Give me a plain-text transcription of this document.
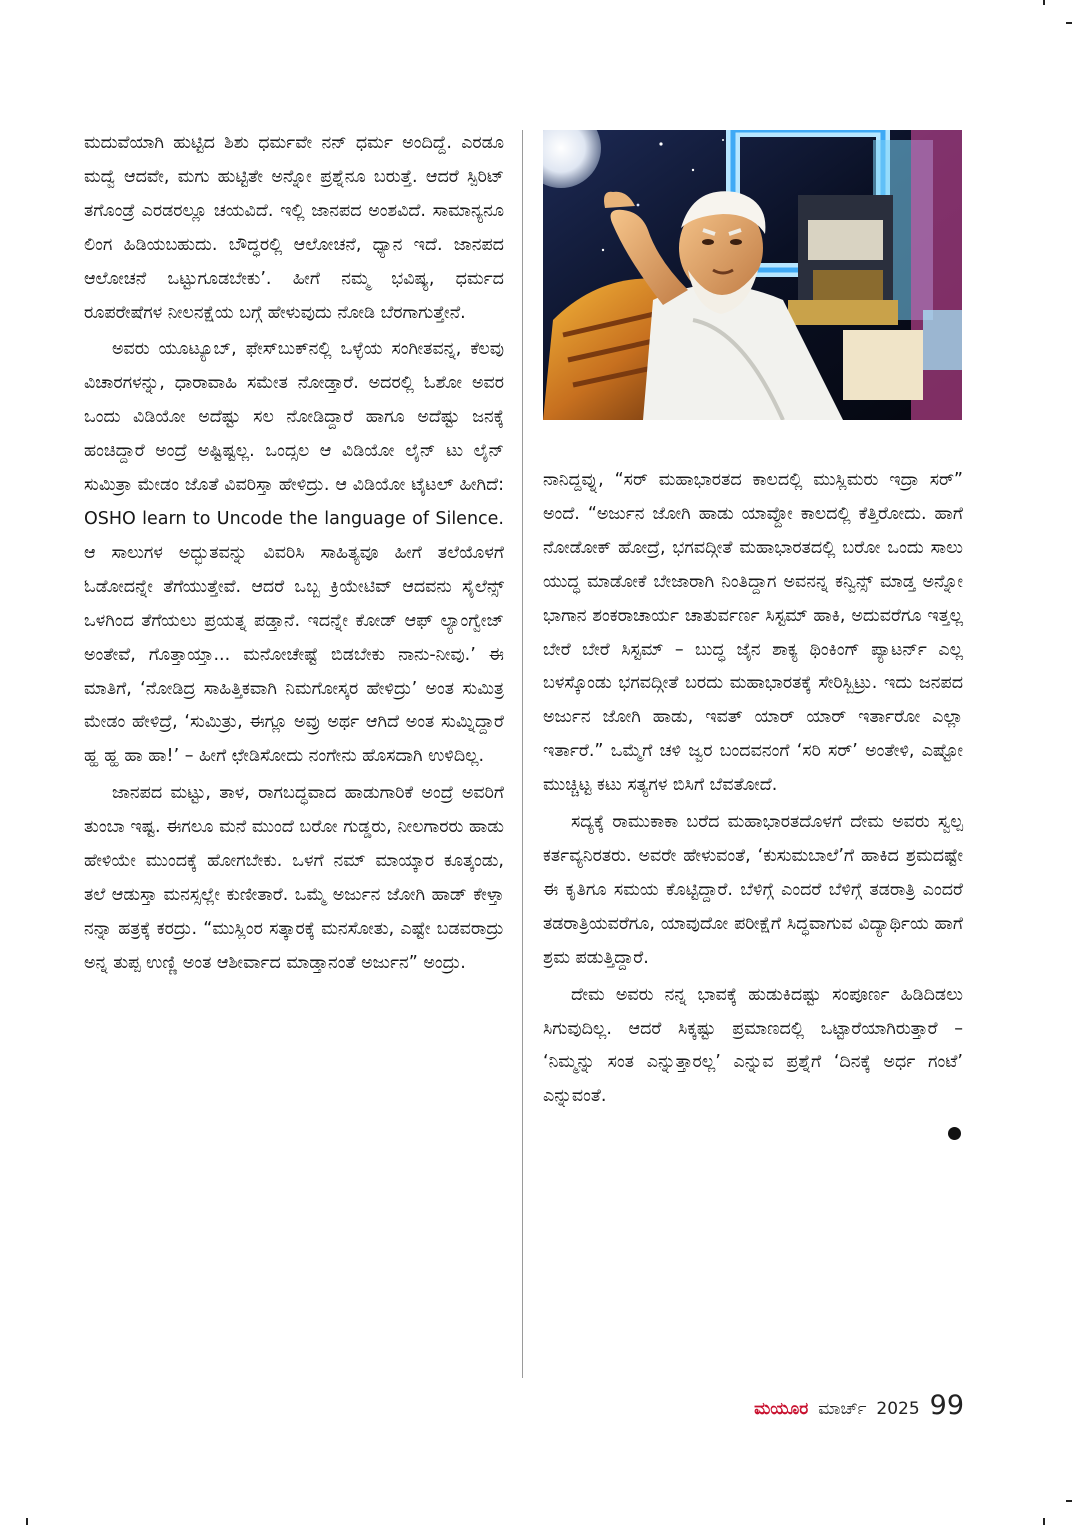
ಮದುವೆಯಾಗಿ ಹುಟ್ಟಿದ ಶಿಶು ಧರ್ಮವೇ ನನ್ ಧರ್ಮ ಅಂದಿದ್ದೆ. ಎರಡೂ ಮದ್ವೆ ಆದವೇ, ಮಗು ಹುಟ್ಟಿತೇ ಅನ್ನೋ ಪ್ರಶ್ನೆನೂ ಬರುತ್ತೆ. ಆದರೆ ಸ್ಪಿರಿಟ್ ತಗೊಂಡ್ರೆ ಎರಡರಲ್ಲೂ ಚಯವಿದೆ. ಇಲ್ಲಿ ಜಾನಪದ ಅಂಶವಿದೆ. ಸಾಮಾನ್ಯನೂ ಲಿಂಗ ಹಿಡಿಯಬಹುದು. ಬೌದ್ಧರಲ್ಲಿ ಆಲೋಚನೆ, ಧ್ಯಾನ ಇದೆ. ಜಾನಪದ ಆಲೋಚನೆ ಒಟ್ಟುಗೂಡಬೇಕು’. ಹೀಗೆ ನಮ್ಮ ಭವಿಷ್ಯ, ಧರ್ಮದ ರೂಪರೇಷೆಗಳ ನೀಲನಕ್ಷೆಯ ಬಗ್ಗೆ ಹೇಳುವುದು ನೋಡಿ ಬೆರಗಾಗುತ್ತೇನೆ.

ಅವರು ಯೂಟ್ಯೂಬ್, ಫೇಸ್‌ಬುಕ್‌ನಲ್ಲಿ ಒಳ್ಳೆಯ ಸಂಗೀತವನ್ನ, ಕೆಲವು ವಿಚಾರಗಳನ್ನು, ಧಾರಾವಾಹಿ ಸಮೇತ ನೋಡ್ತಾರೆ. ಅದರಲ್ಲಿ ಓಶೋ ಅವರ ಒಂದು ವಿಡಿಯೋ ಅದೆಷ್ಟು ಸಲ ನೋಡಿದ್ದಾರೆ ಹಾಗೂ ಅದೆಷ್ಟು ಜನಕ್ಕೆ ಹಂಚಿದ್ದಾರೆ ಅಂದ್ರೆ ಅಷ್ಟಿಷ್ಟಲ್ಲ. ಒಂದ್ಸಲ ಆ ವಿಡಿಯೋ ಲೈನ್ ಟು ಲೈನ್ ಸುಮಿತ್ರಾ ಮೇಡಂ ಜೊತೆ ವಿವರಿಸ್ತಾ ಹೇಳಿದ್ರು. ಆ ವಿಡಿಯೋ ಟೈಟಲ್ ಹೀಗಿದೆ: OSHO learn to Uncode the language of Silence. ಆ ಸಾಲುಗಳ ಅದ್ಭುತವನ್ನು ವಿವರಿಸಿ ಸಾಹಿತ್ಯವೂ ಹೀಗೆ ತಲೆಯೊಳಗೆ ಓಡೋದನ್ನೇ ತೆಗೆಯುತ್ತೇವೆ. ಆದರೆ ಒಬ್ಬ ಕ್ರಿಯೇಟಿವ್ ಆದವನು ಸೈಲೆನ್ಸ್ ಒಳಗಿಂದ ತೆಗೆಯಲು ಪ್ರಯತ್ನ ಪಡ್ತಾನೆ. ಇದನ್ನೇ ಕೋಡ್ ಆಫ್ ಲ್ಯಾಂಗ್ವೇಜ್ ಅಂತೇವೆ, ಗೊತ್ತಾಯ್ತಾ... ಮನೋಚೇಷ್ಟೆ ಬಿಡಬೇಕು ನಾನು-ನೀವು.’ ಈ ಮಾತಿಗೆ, ‘ನೋಡಿದ್ರ ಸಾಹಿತ್ತಿಕವಾಗಿ ನಿಮಗೋಸ್ಕರ ಹೇಳಿದ್ರು’ ಅಂತ ಸುಮಿತ್ರ ಮೇಡಂ ಹೇಳಿದ್ರೆ, ‘ಸುಮಿತ್ರು, ಈಗ್ಲೂ ಅವ್ರು ಅರ್ಥ ಆಗಿದೆ ಅಂತ ಸುಮ್ನಿದ್ದಾರೆ ಹ್ಹ ಹ್ಹ ಹಾ ಹಾ!’ – ಹೀಗೆ ಛೇಡಿಸೋದು ನಂಗೇನು ಹೊಸದಾಗಿ ಉಳಿದಿಲ್ಲ.

ಜಾನಪದ ಮಟ್ಟು, ತಾಳ, ರಾಗಬದ್ಧವಾದ ಹಾಡುಗಾರಿಕೆ ಅಂದ್ರೆ ಅವರಿಗೆ ತುಂಬಾ ಇಷ್ಟ. ಈಗಲೂ ಮನೆ ಮುಂದೆ ಬರೋ ಗುಡ್ಡರು, ನೀಲಗಾರರು ಹಾಡು ಹೇಳಿಯೇ ಮುಂದಕ್ಕೆ ಹೋಗಬೇಕು. ಒಳಗೆ ನಮ್ ಮಾಯ್ಕಾರ ಕೂತ್ಕಂಡು, ತಲೆ ಆಡುಸ್ತಾ ಮನಸ್ಸಲ್ಲೇ ಕುಣೀತಾರೆ. ಒಮ್ಮೆ ಅರ್ಜುನ ಜೋಗಿ ಹಾಡ್ ಕೇಳ್ತಾ ನನ್ನಾ ಹತ್ರಕ್ಕೆ ಕರದ್ರು. “ಮುಸ್ಲಿಂರ ಸತ್ಕಾರಕ್ಕೆ ಮನಸೋತು, ಎಷ್ಟೇ ಬಡವರಾದ್ರು ಅನ್ನ ತುಪ್ಪ ಉಣ್ಣಿ ಅಂತ ಆಶೀರ್ವಾದ ಮಾಡ್ತಾನಂತೆ ಅರ್ಜುನ” ಅಂದ್ರು.

ನಾನಿದ್ದವ್ನು, “ಸರ್ ಮಹಾಭಾರತದ ಕಾಲದಲ್ಲಿ ಮುಸ್ಲಿಮರು ಇದ್ರಾ ಸರ್” ಅಂದೆ. “ಅರ್ಜುನ ಜೋಗಿ ಹಾಡು ಯಾವ್ದೋ ಕಾಲದಲ್ಲಿ ಕೆತ್ತಿರೋದು. ಹಾಗೆ ನೋಡೋಕ್ ಹೋದ್ರೆ, ಭಗವದ್ಗೀತೆ ಮಹಾಭಾರತದಲ್ಲಿ ಬರೋ ಒಂದು ಸಾಲು ಯುದ್ಧ ಮಾಡೋಕೆ ಬೇಜಾರಾಗಿ ನಿಂತಿದ್ದಾಗ ಅವನನ್ನ ಕನ್ವಿನ್ಸ್ ಮಾಡ್ತ ಅನ್ನೋ ಭಾಗಾನ ಶಂಕರಾಚಾರ್ಯ ಚಾತುರ್ವರ್ಣ ಸಿಸ್ಟಮ್ ಹಾಕಿ, ಅದುವರೆಗೂ ಇತ್ತಲ್ಲ ಬೇರೆ ಬೇರೆ ಸಿಸ್ಟಮ್ – ಬುದ್ಧ ಜೈನ ಶಾಕ್ಯ ಥಿಂಕಿಂಗ್ ಪ್ಯಾಟರ್ನ್ ಎಲ್ಲ ಬಳಸ್ಕೊಂಡು ಭಗವದ್ಗೀತೆ ಬರದು ಮಹಾಭಾರತಕ್ಕೆ ಸೇರಿಸ್ಬಿಟ್ರು. ಇದು ಜನಪದ ಅರ್ಜುನ ಜೋಗಿ ಹಾಡು, ಇವತ್ ಯಾರ್ ಯಾರ್ ಇರ್ತಾರೋ ಎಲ್ಲಾ ಇರ್ತಾರೆ.” ಒಮ್ಮೆಗೆ ಚಳಿ ಜ್ವರ ಬಂದವನಂಗೆ ‘ಸರಿ ಸರ್’ ಅಂತೇಳಿ, ಎಷ್ಟೋ ಮುಚ್ಚಿಟ್ಟ ಕಟು ಸತ್ಯಗಳ ಬಿಸಿಗೆ ಬೆವತೋದೆ.

ಸದ್ಯಕ್ಕೆ ರಾಮುಕಾಕಾ ಬರೆದ ಮಹಾಭಾರತದೊಳಗೆ ದೇಮ ಅವರು ಸ್ವಲ್ಪ ಕರ್ತವ್ಯನಿರತರು. ಅವರೇ ಹೇಳುವಂತೆ, ‘ಕುಸುಮಬಾಲೆ’ಗೆ ಹಾಕಿದ ಶ್ರಮದಷ್ಟೇ ಈ ಕೃತಿಗೂ ಸಮಯ ಕೊಟ್ಟಿದ್ದಾರೆ. ಬೆಳಿಗ್ಗೆ ಎಂದರೆ ಬೆಳಿಗ್ಗೆ ತಡರಾತ್ರಿ ಎಂದರೆ ತಡರಾತ್ರಿಯವರೆಗೂ, ಯಾವುದೋ ಪರೀಕ್ಷೆಗೆ ಸಿದ್ಧವಾಗುವ ವಿದ್ಯಾರ್ಥಿಯ ಹಾಗೆ ಶ್ರಮ ಪಡುತ್ತಿದ್ದಾರೆ.

ದೇಮ ಅವರು ನನ್ನ ಭಾವಕ್ಕೆ ಹುಡುಕಿದಷ್ಟು ಸಂಪೂರ್ಣ ಹಿಡಿದಿಡಲು ಸಿಗುವುದಿಲ್ಲ. ಆದರೆ ಸಿಕ್ಕಷ್ಟು ಪ್ರಮಾಣದಲ್ಲಿ ಒಟ್ಟಾರೆಯಾಗಿರುತ್ತಾರೆ – ‘ನಿಮ್ಮನ್ನು ಸಂತ ಎನ್ನುತ್ತಾರಲ್ಲ’ ಎನ್ನುವ ಪ್ರಶ್ನೆಗೆ ‘ದಿನಕ್ಕೆ ಅರ್ಧ ಗಂಟೆ’ ಎನ್ನುವಂತೆ.

ಮಯೂರ ಮಾರ್ಚ್ 2025 99
